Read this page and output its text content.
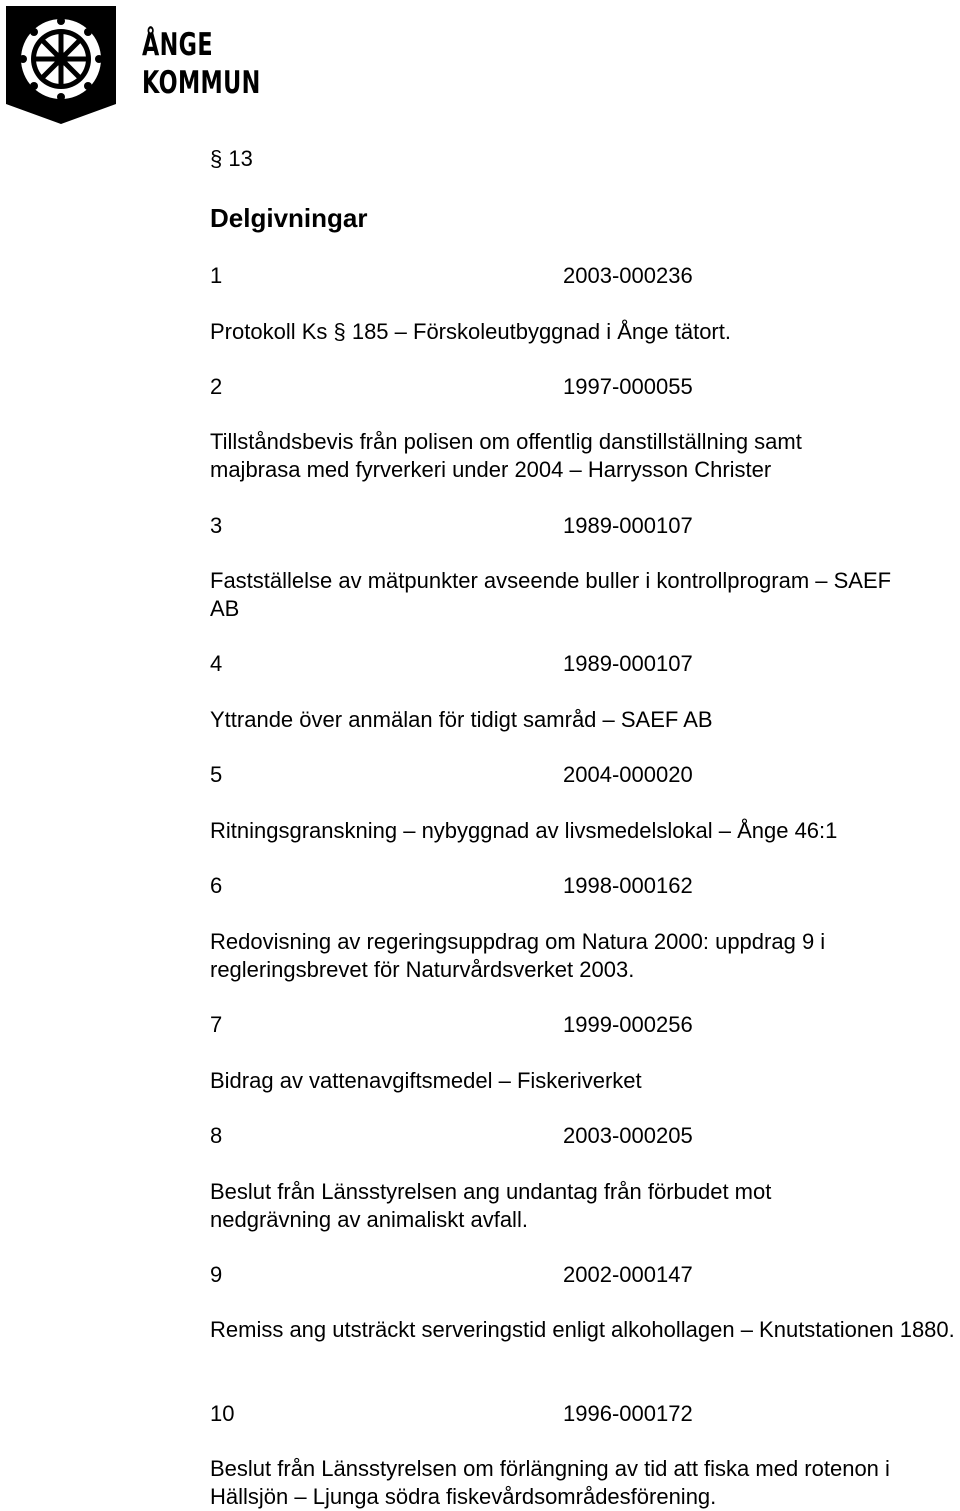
ÅNGE
KOMMUN
§ 13
Delgivningar
1	2003-000236
Protokoll Ks § 185 – Förskoleutbyggnad i Ånge tätort.
2	1997-000055
Tillståndsbevis från polisen om offentlig danstillställning samt majbrasa med fyrverkeri under 2004 – Harrysson Christer
3	1989-000107
Fastställelse av mätpunkter avseende buller i kontrollprogram – SAEF AB
4	1989-000107
Yttrande över anmälan för tidigt samråd – SAEF AB
5	2004-000020
Ritningsgranskning – nybyggnad av livsmedelslokal – Ånge 46:1
6	1998-000162
Redovisning av regeringsuppdrag om Natura 2000: uppdrag 9 i regleringsbrevet för Naturvårdsverket 2003.
7	1999-000256
Bidrag av vattenavgiftsmedel – Fiskeriverket
8	2003-000205
Beslut från Länsstyrelsen ang undantag från förbudet mot nedgrävning av animaliskt avfall.
9	2002-000147
Remiss ang utsträckt serveringstid enligt alkohollagen – Knutstationen 1880.
10	1996-000172
Beslut från Länsstyrelsen om förlängning av tid att fiska med rotenon i Hällsjön – Ljunga södra fiskevårdsområdesförening.
